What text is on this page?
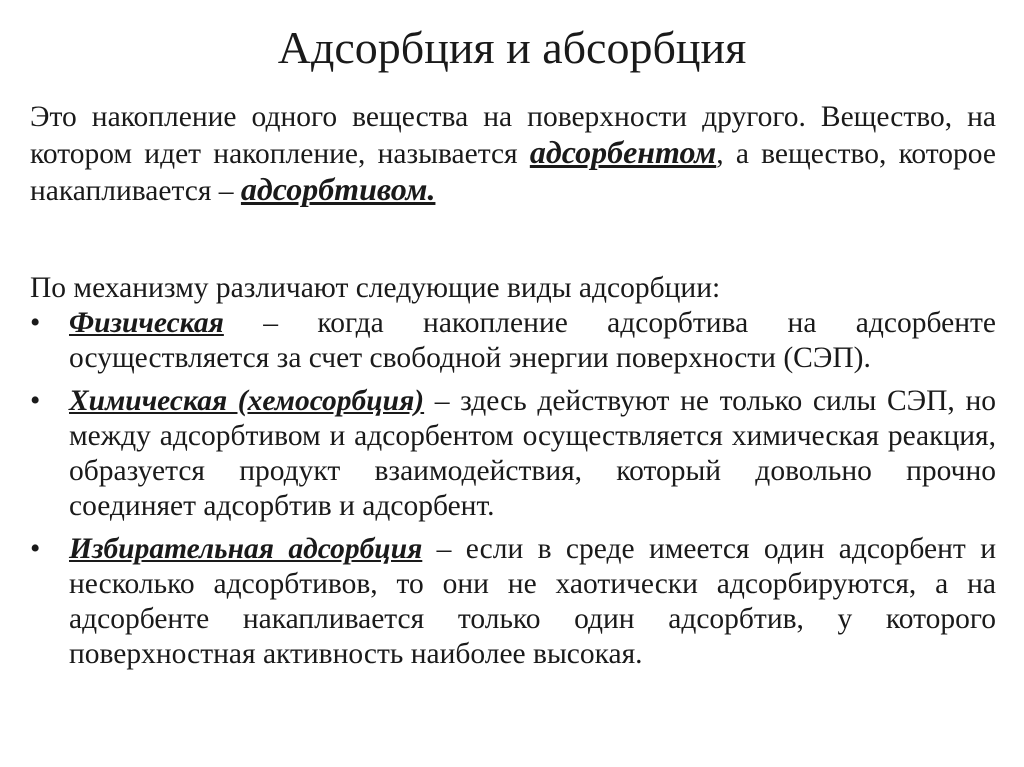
Адсорбция и абсорбция

Это накопление одного вещества на поверхности другого. Вещество, на котором идет накопление, называется адсорбентом, а вещество, которое накапливается – адсорбтивом.

По механизму различают следующие виды адсорбции:

• Физическая – когда накопление адсорбтива на адсорбенте осуществляется за счет свободной энергии поверхности (СЭП).
• Химическая (хемосорбция) – здесь действуют не только силы СЭП, но между адсорбтивом и адсорбентом осуществляется химическая реакция, образуется продукт взаимодействия, который довольно прочно соединяет адсорбтив и адсорбент.
• Избирательная адсорбция – если в среде имеется один адсорбент и несколько адсорбтивов, то они не хаотически адсорбируются, а на адсорбенте накапливается только один адсорбтив, у которого поверхностная активность наиболее высокая.
